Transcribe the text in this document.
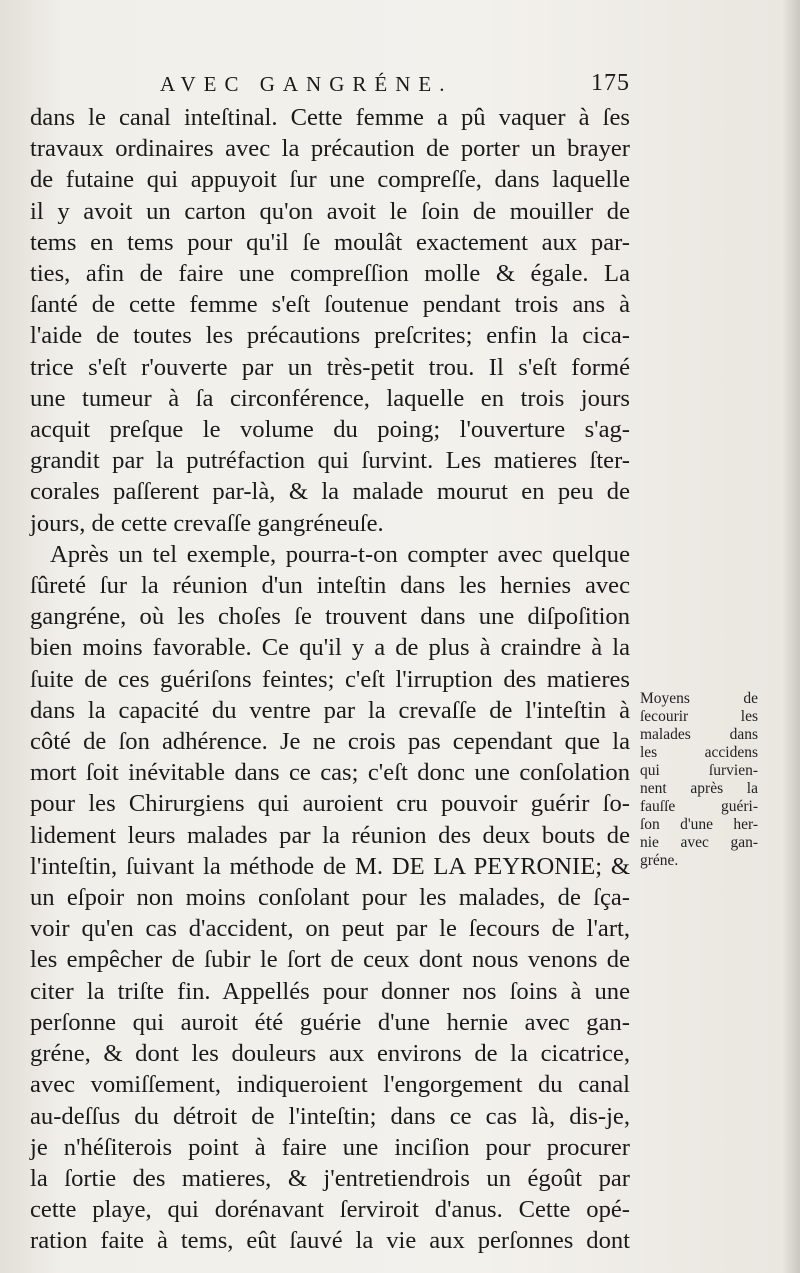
AVEC GANGRÉNE.	175
dans le canal inteſtinal. Cette femme a pû vaquer à ſes
travaux ordinaires avec la précaution de porter un brayer
de futaine qui appuyoit ſur une compreſſe, dans laquelle
il y avoit un carton qu'on avoit le ſoin de mouiller de
tems en tems pour qu'il ſe moulât exactement aux par-
ties, afin de faire une compreſſion molle & égale. La
ſanté de cette femme s'eſt ſoutenue pendant trois ans à
l'aide de toutes les précautions preſcrites; enfin la cica-
trice s'eſt r'ouverte par un très-petit trou. Il s'eſt formé
une tumeur à ſa circonférence, laquelle en trois jours
acquit preſque le volume du poing; l'ouverture s'ag-
grandit par la putréfaction qui ſurvint. Les matieres ſter-
corales paſſerent par-là, & la malade mourut en peu de
jours, de cette crevaſſe gangréneuſe.
Après un tel exemple, pourra-t-on compter avec quelque
ſûreté ſur la réunion d'un inteſtin dans les hernies avec
gangréne, où les choſes ſe trouvent dans une diſpoſition
bien moins favorable. Ce qu'il y a de plus à craindre à la
ſuite de ces guériſons feintes; c'eſt l'irruption des matieres
dans la capacité du ventre par la crevaſſe de l'inteſtin à
côté de ſon adhérence. Je ne crois pas cependant que la
mort ſoit inévitable dans ce cas; c'eſt donc une conſolation
pour les Chirurgiens qui auroient cru pouvoir guérir ſo-
lidement leurs malades par la réunion des deux bouts de
l'inteſtin, ſuivant la méthode de M. DE LA PEYRONIE; &
un eſpoir non moins conſolant pour les malades, de ſça-
voir qu'en cas d'accident, on peut par le ſecours de l'art,
les empêcher de ſubir le ſort de ceux dont nous venons de
citer la triſte fin. Appellés pour donner nos ſoins à une
perſonne qui auroit été guérie d'une hernie avec gan-
gréne, & dont les douleurs aux environs de la cicatrice,
avec vomiſſement, indiqueroient l'engorgement du canal
au-deſſus du détroit de l'inteſtin; dans ce cas là, dis-je,
je n'héſiterois point à faire une inciſion pour procurer
la ſortie des matieres, & j'entretiendrois un égoût par
cette playe, qui dorénavant ſerviroit d'anus. Cette opé-
ration faite à tems, eût ſauvé la vie aux perſonnes dont
Moyens de
ſecourir les
malades dans
les accidens
qui ſurvien-
nent après la
fauſſe guéri-
ſon d'une her-
nie avec gan-
gréne.
